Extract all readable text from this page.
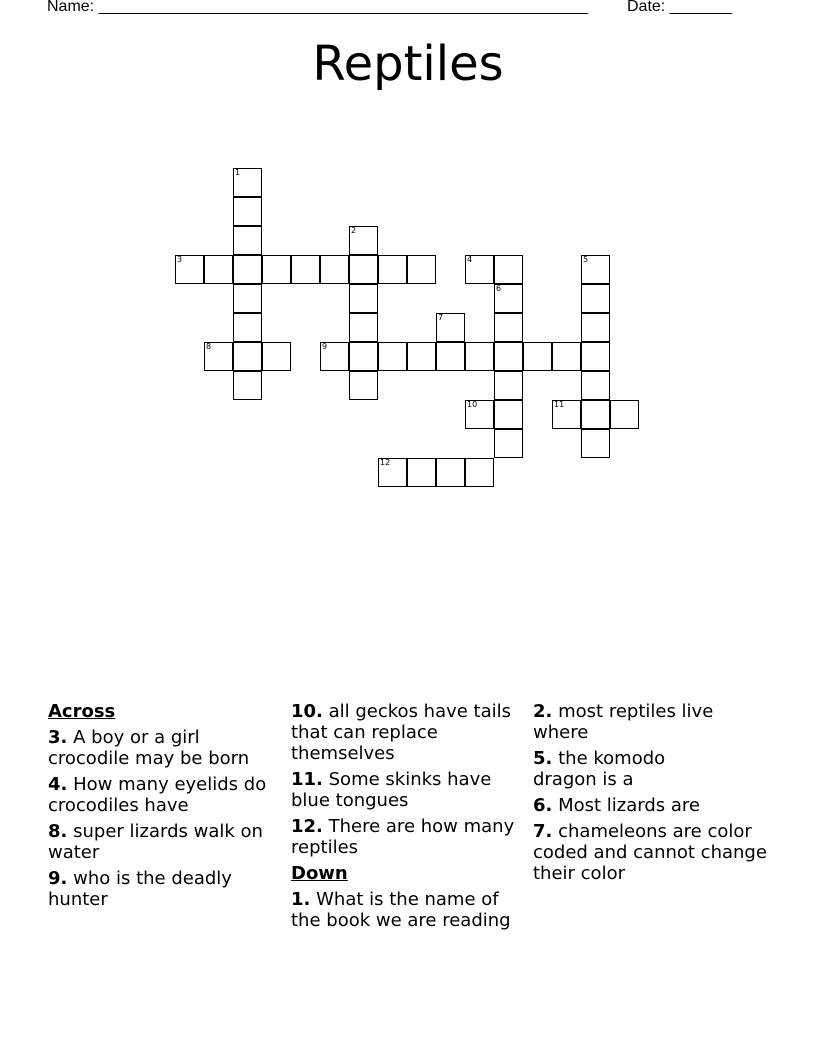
Name: _______________________________________________________ Date: _______
Reptiles
1
2
3	4	5
6
7
8	9
10	11
12
Across
3. A boy or a girl crocodile may be born
4. How many eyelids do crocodiles have
8. super lizards walk on water
9. who is the deadly hunter
10. all geckos have tails that can replace themselves
11. Some skinks have blue tongues
12. There are how many reptiles
Down
1. What is the name of the book we are reading
2. most reptiles live where
5. the komodo dragon is a
6. Most lizards are
7. chameleons are color coded and cannot change their color
